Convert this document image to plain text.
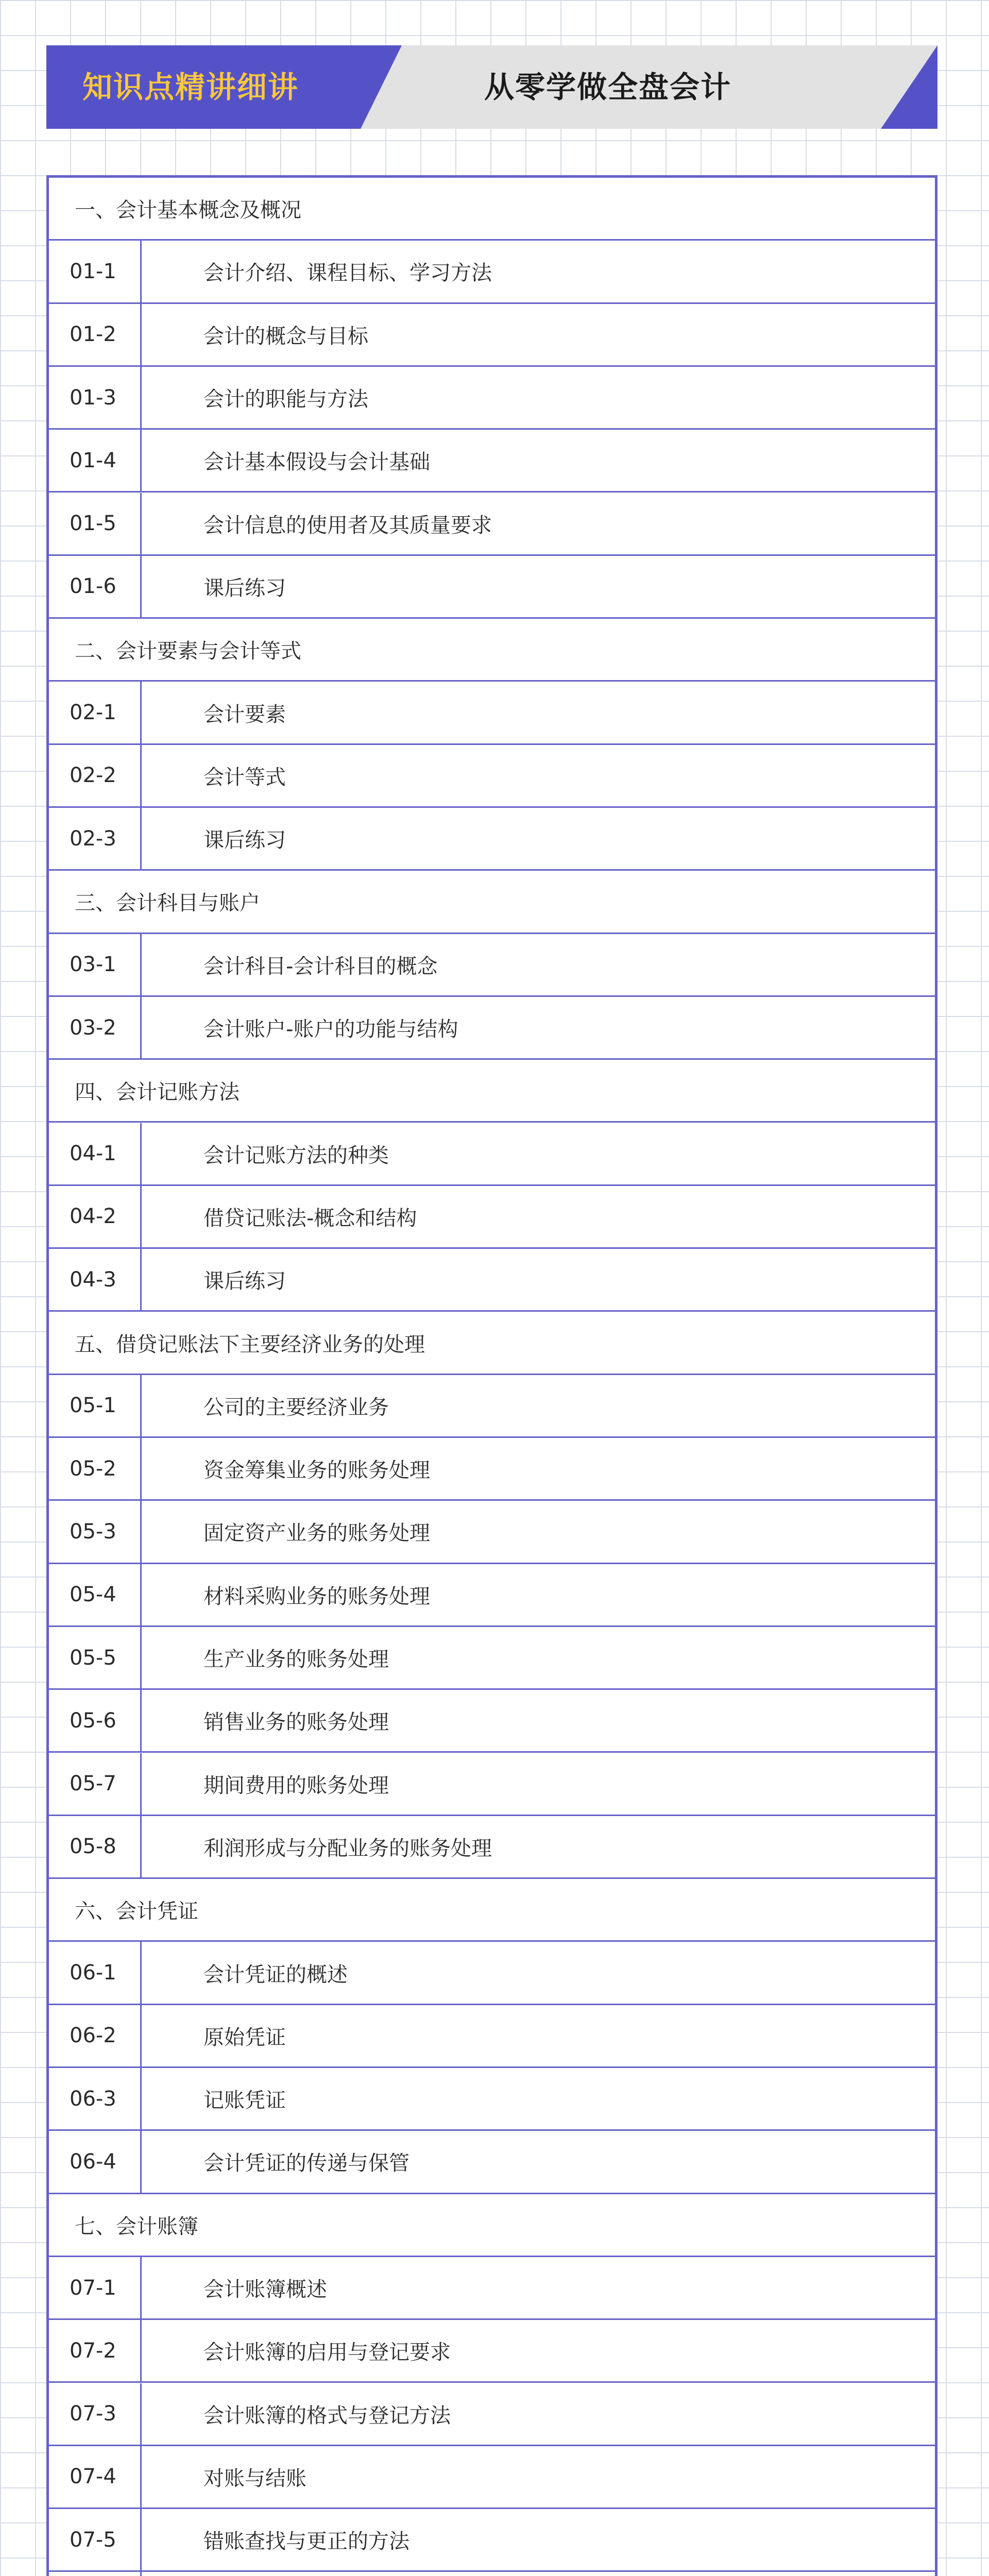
知识点精讲细讲	从零学做全盘会计
一、会计基本概念及概况
01-1	会计介绍、课程目标、学习方法
01-2	会计的概念与目标
01-3	会计的职能与方法
01-4	会计基本假设与会计基础
01-5	会计信息的使用者及其质量要求
01-6	课后练习
二、会计要素与会计等式
02-1	会计要素
02-2	会计等式
02-3	课后练习
三、会计科目与账户
03-1	会计科目-会计科目的概念
03-2	会计账户-账户的功能与结构
四、会计记账方法
04-1	会计记账方法的种类
04-2	借贷记账法-概念和结构
04-3	课后练习
五、借贷记账法下主要经济业务的处理
05-1	公司的主要经济业务
05-2	资金筹集业务的账务处理
05-3	固定资产业务的账务处理
05-4	材料采购业务的账务处理
05-5	生产业务的账务处理
05-6	销售业务的账务处理
05-7	期间费用的账务处理
05-8	利润形成与分配业务的账务处理
六、会计凭证
06-1	会计凭证的概述
06-2	原始凭证
06-3	记账凭证
06-4	会计凭证的传递与保管
七、会计账簿
07-1	会计账簿概述
07-2	会计账簿的启用与登记要求
07-3	会计账簿的格式与登记方法
07-4	对账与结账
07-5	错账查找与更正的方法
